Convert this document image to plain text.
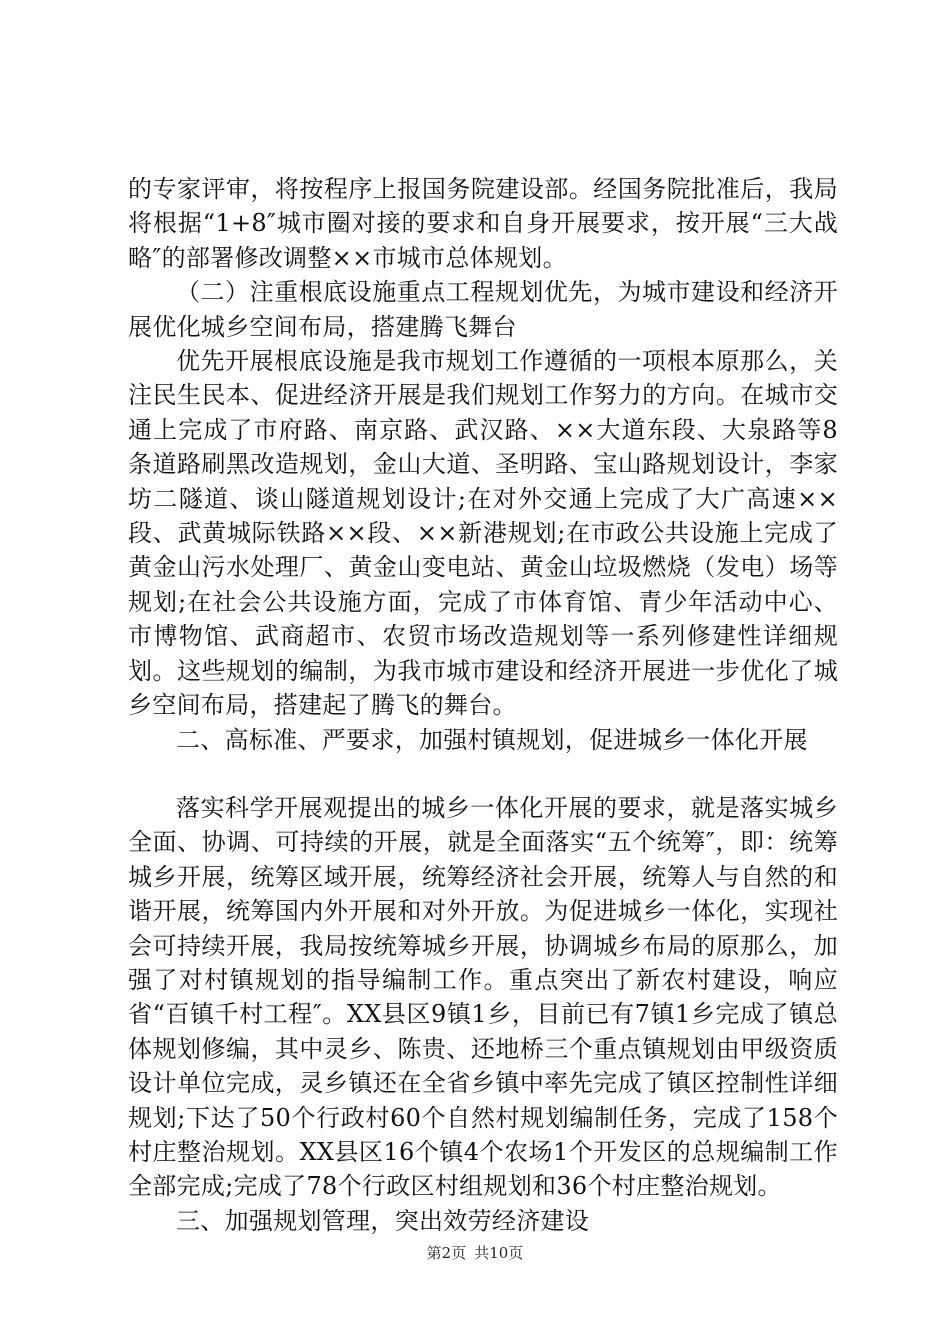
的专家评审，将按程序上报国务院建设部。经国务院批准后，我局将根据“1+8″城市圈对接的要求和自身开展要求，按开展“三大战略″的部署修改调整××市城市总体规划。

（二）注重根底设施重点工程规划优先，为城市建设和经济开展优化城乡空间布局，搭建腾飞舞台

优先开展根底设施是我市规划工作遵循的一项根本原那么，关注民生民本、促进经济开展是我们规划工作努力的方向。在城市交通上完成了市府路、南京路、武汉路、××大道东段、大泉路等8条道路刷黑改造规划，金山大道、圣明路、宝山路规划设计，李家坊二隧道、谈山隧道规划设计;在对外交通上完成了大广高速××段、武黄城际铁路××段、××新港规划;在市政公共设施上完成了黄金山污水处理厂、黄金山变电站、黄金山垃圾燃烧（发电）场等规划;在社会公共设施方面，完成了市体育馆、青少年活动中心、市博物馆、武商超市、农贸市场改造规划等一系列修建性详细规划。这些规划的编制，为我市城市建设和经济开展进一步优化了城乡空间布局，搭建起了腾飞的舞台。

二、高标准、严要求，加强村镇规划，促进城乡一体化开展

落实科学开展观提出的城乡一体化开展的要求，就是落实城乡全面、协调、可持续的开展，就是全面落实“五个统筹″，即：统筹城乡开展，统筹区域开展，统筹经济社会开展，统筹人与自然的和谐开展，统筹国内外开展和对外开放。为促进城乡一体化，实现社会可持续开展，我局按统筹城乡开展，协调城乡布局的原那么，加强了对村镇规划的指导编制工作。重点突出了新农村建设，响应省“百镇千村工程″。XX县区9镇1乡，目前已有7镇1乡完成了镇总体规划修编，其中灵乡、陈贵、还地桥三个重点镇规划由甲级资质设计单位完成，灵乡镇还在全省乡镇中率先完成了镇区控制性详细规划;下达了50个行政村60个自然村规划编制任务，完成了158个村庄整治规划。XX县区16个镇4个农场1个开发区的总规编制工作全部完成;完成了78个行政区村组规划和36个村庄整治规划。

三、加强规划管理，突出效劳经济建设

第2页 共10页
